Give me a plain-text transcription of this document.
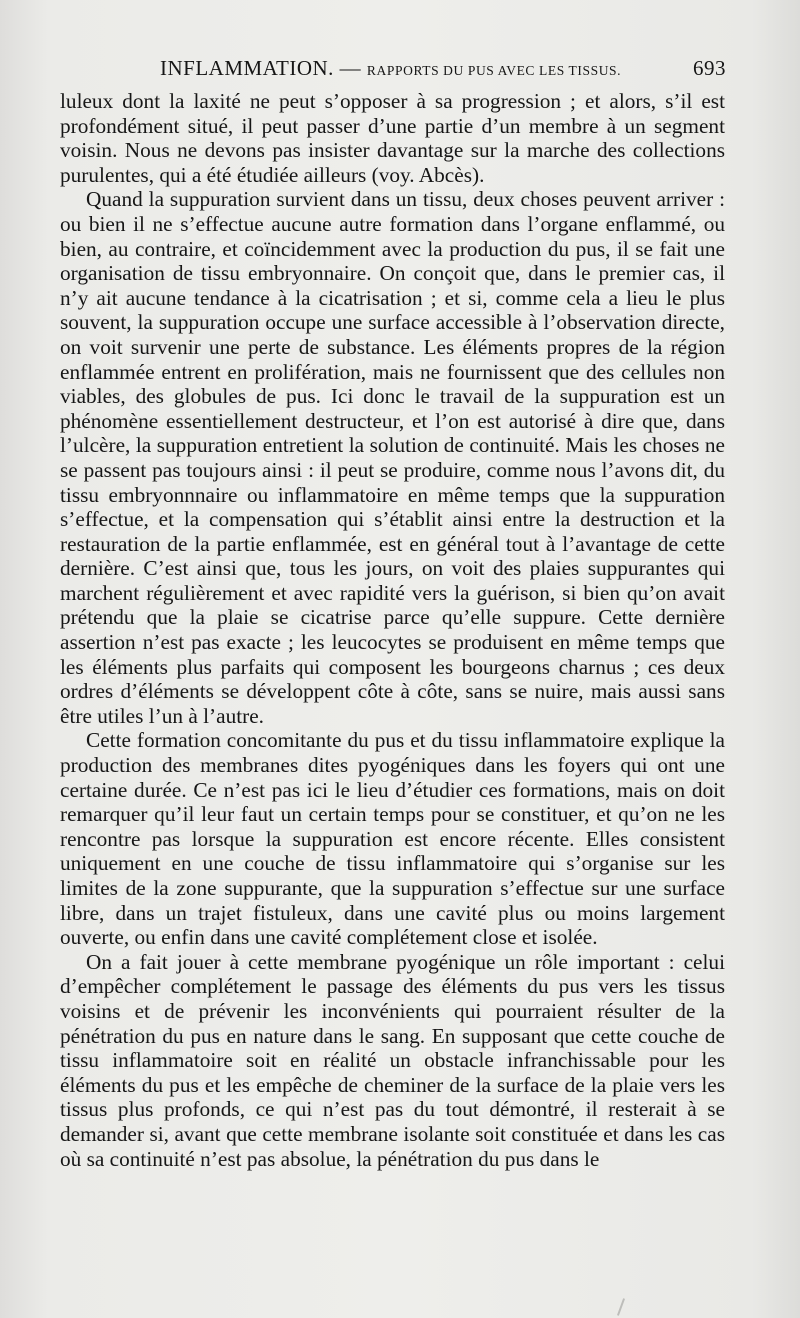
INFLAMMATION. — RAPPORTS DU PUS AVEC LES TISSUS.	693

luleux dont la laxité ne peut s’opposer à sa progression ; et alors, s’il est profondément situé, il peut passer d’une partie d’un membre à un segment voisin. Nous ne devons pas insister davantage sur la marche des collections purulentes, qui a été étudiée ailleurs (voy. Abcès).

Quand la suppuration survient dans un tissu, deux choses peuvent arriver : ou bien il ne s’effectue aucune autre formation dans l’organe enflammé, ou bien, au contraire, et coïncidemment avec la production du pus, il se fait une organisation de tissu embryonnaire. On conçoit que, dans le premier cas, il n’y ait aucune tendance à la cicatrisation ; et si, comme cela a lieu le plus souvent, la suppuration occupe une surface accessible à l’observation directe, on voit survenir une perte de substance. Les éléments propres de la région enflammée entrent en prolifération, mais ne fournissent que des cellules non viables, des globules de pus. Ici donc le travail de la suppuration est un phénomène essentiellement destructeur, et l’on est autorisé à dire que, dans l’ulcère, la suppuration entretient la solution de continuité. Mais les choses ne se passent pas toujours ainsi : il peut se produire, comme nous l’avons dit, du tissu embryonnnaire ou inflammatoire en même temps que la suppuration s’effectue, et la compensation qui s’établit ainsi entre la destruction et la restauration de la partie enflammée, est en général tout à l’avantage de cette dernière. C’est ainsi que, tous les jours, on voit des plaies suppurantes qui marchent régulièrement et avec rapidité vers la guérison, si bien qu’on avait prétendu que la plaie se cicatrise parce qu’elle suppure. Cette dernière assertion n’est pas exacte ; les leucocytes se produisent en même temps que les éléments plus parfaits qui composent les bourgeons charnus ; ces deux ordres d’éléments se développent côte à côte, sans se nuire, mais aussi sans être utiles l’un à l’autre.

Cette formation concomitante du pus et du tissu inflammatoire explique la production des membranes dites pyogéniques dans les foyers qui ont une certaine durée. Ce n’est pas ici le lieu d’étudier ces formations, mais on doit remarquer qu’il leur faut un certain temps pour se constituer, et qu’on ne les rencontre pas lorsque la suppuration est encore récente. Elles consistent uniquement en une couche de tissu inflammatoire qui s’organise sur les limites de la zone suppurante, que la suppuration s’effectue sur une surface libre, dans un trajet fistuleux, dans une cavité plus ou moins largement ouverte, ou enfin dans une cavité complétement close et isolée.

On a fait jouer à cette membrane pyogénique un rôle important : celui d’empêcher complétement le passage des éléments du pus vers les tissus voisins et de prévenir les inconvénients qui pourraient résulter de la pénétration du pus en nature dans le sang. En supposant que cette couche de tissu inflammatoire soit en réalité un obstacle infranchissable pour les éléments du pus et les empêche de cheminer de la surface de la plaie vers les tissus plus profonds, ce qui n’est pas du tout démontré, il resterait à se demander si, avant que cette membrane isolante soit constituée et dans les cas où sa continuité n’est pas absolue, la pénétration du pus dans le
